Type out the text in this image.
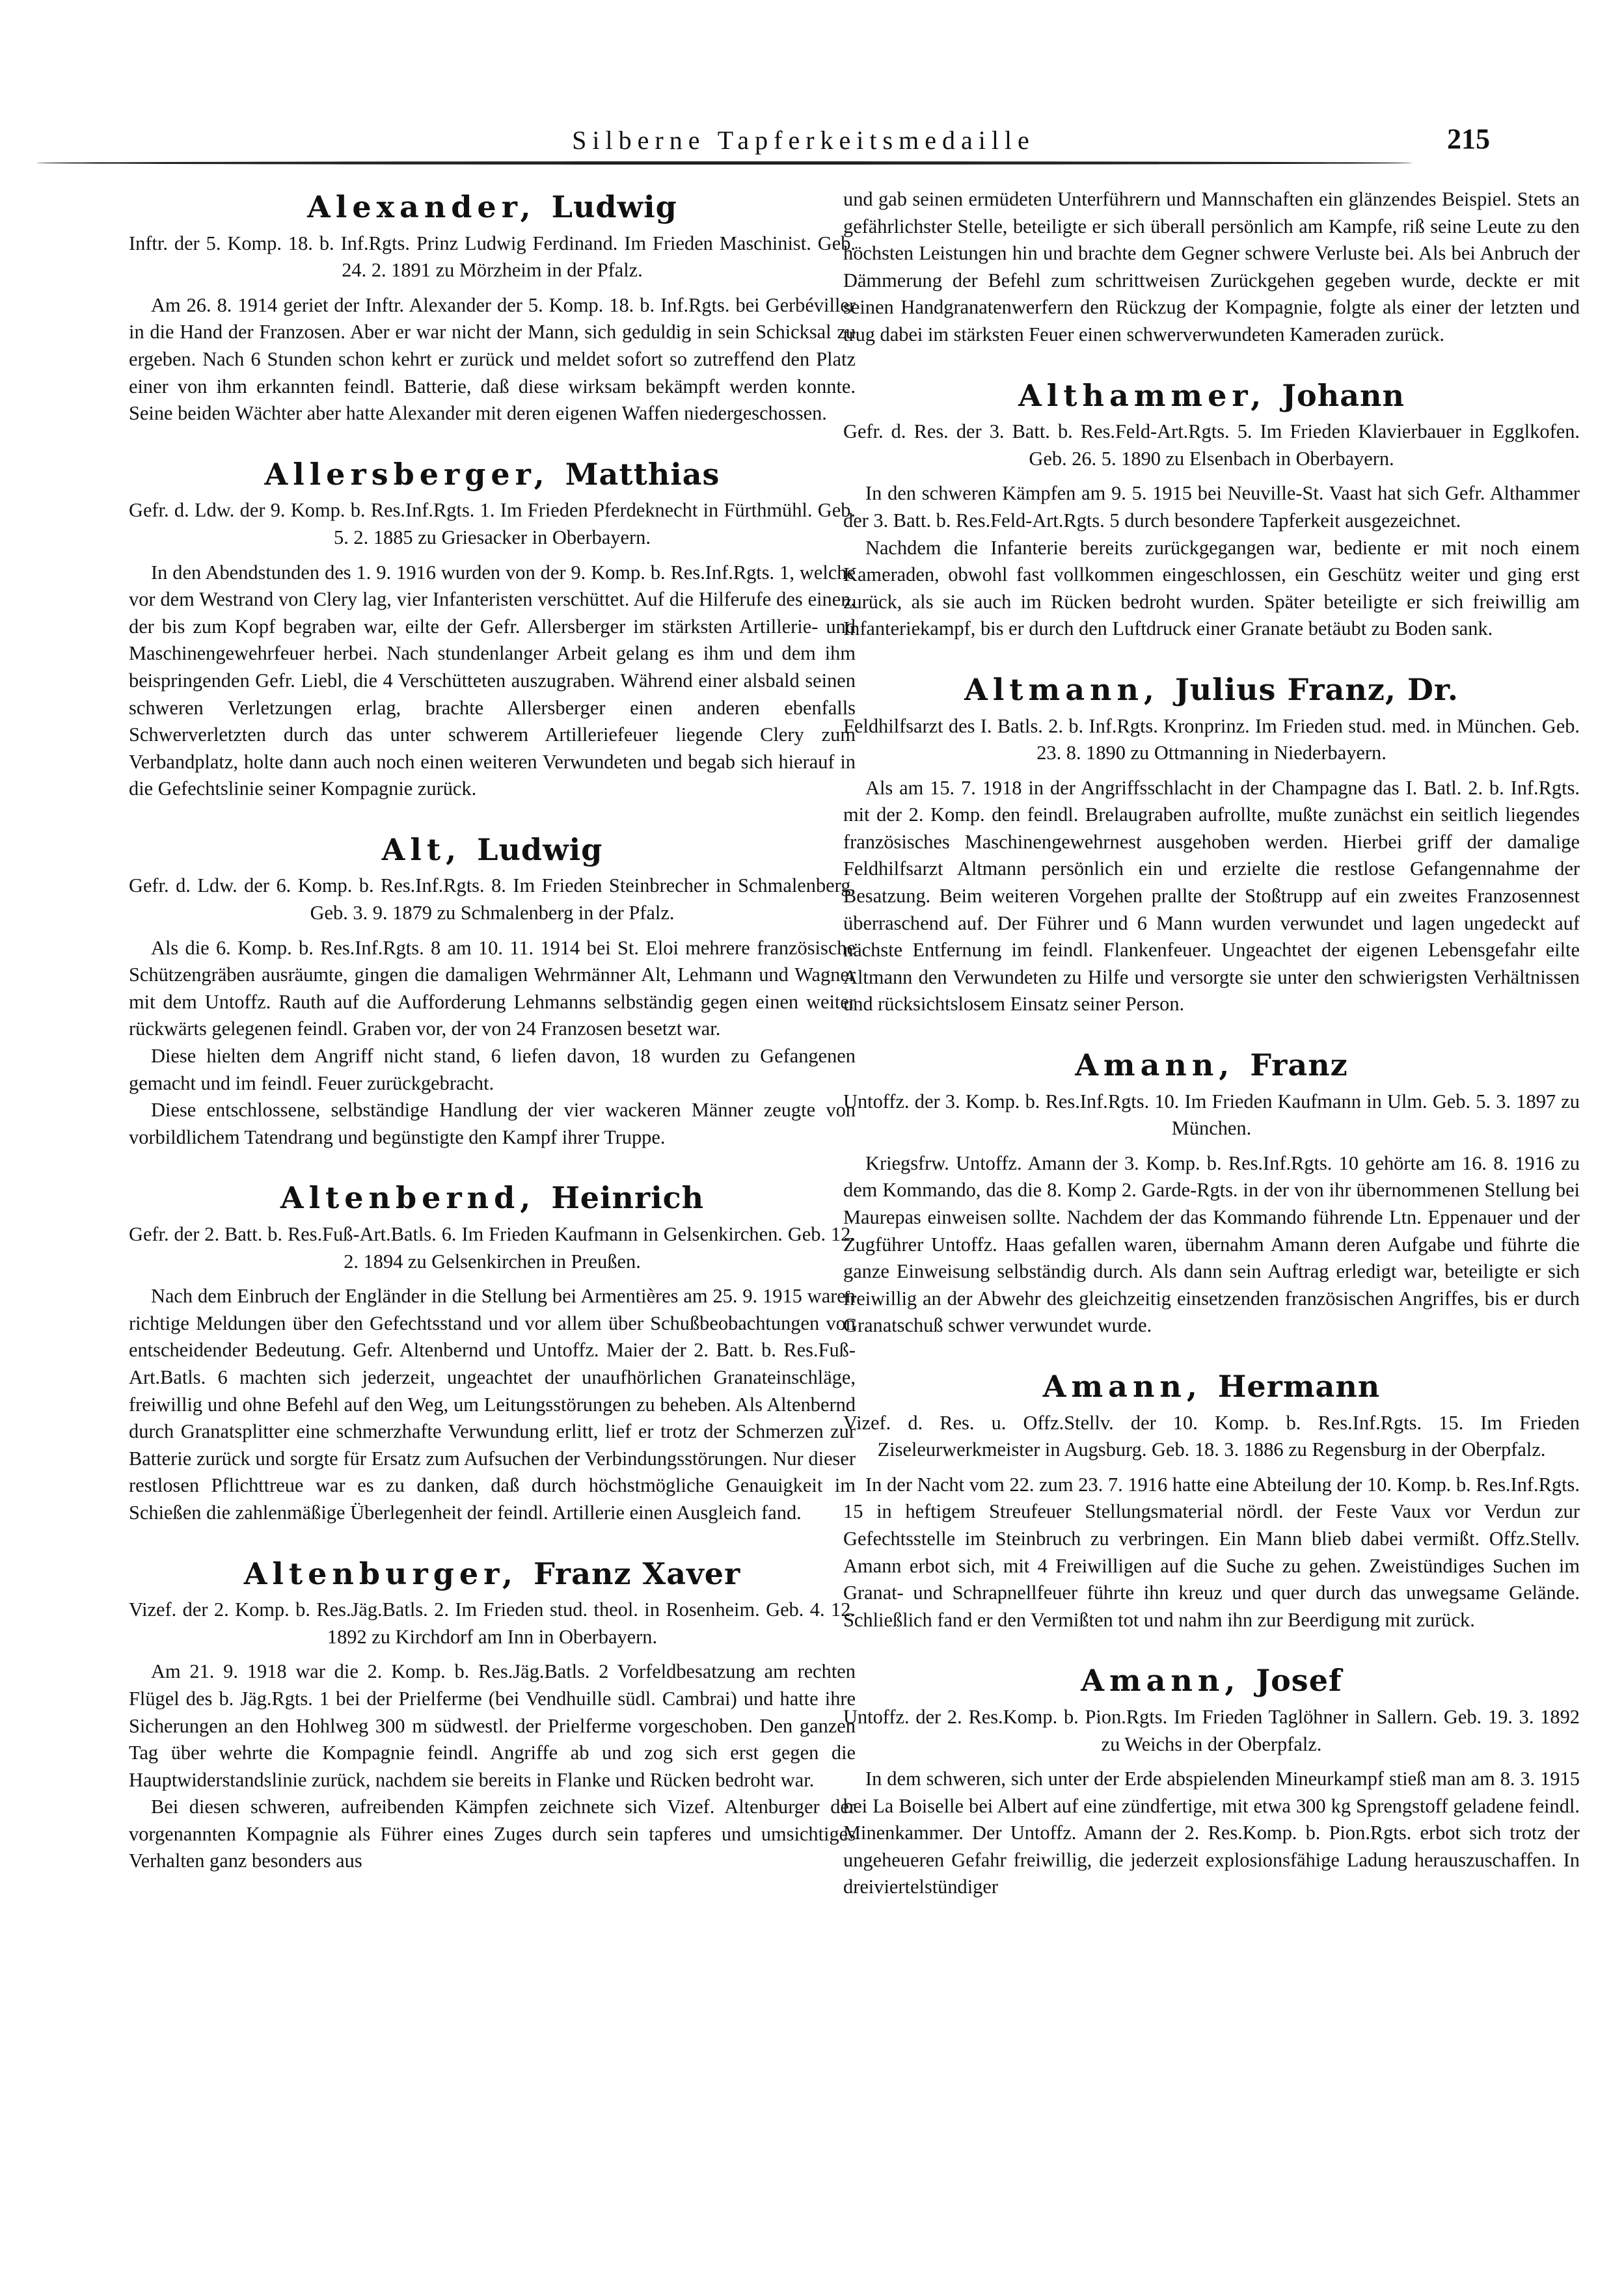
Silberne Tapferkeitsmedaille	215
Alexander, Ludwig

Inftr. der 5. Komp. 18. b. Inf.Rgts. Prinz Ludwig Ferdinand. Im Frieden Maschinist. Geb. 24. 2. 1891 zu Mörzheim in der Pfalz.

Am 26. 8. 1914 geriet der Inftr. Alexander der 5. Komp. 18. b. Inf.Rgts. bei Gerbéviller in die Hand der Franzosen. Aber er war nicht der Mann, sich geduldig in sein Schicksal zu ergeben. Nach 6 Stunden schon kehrt er zurück und meldet sofort so zutreffend den Platz einer von ihm erkannten feindl. Batterie, daß diese wirksam bekämpft werden konnte. Seine beiden Wächter aber hatte Alexander mit deren eigenen Waffen niedergeschossen.

Allersberger, Matthias

Gefr. d. Ldw. der 9. Komp. b. Res.Inf.Rgts. 1. Im Frieden Pferdeknecht in Fürthmühl. Geb. 5. 2. 1885 zu Griesacker in Oberbayern.

In den Abendstunden des 1. 9. 1916 wurden von der 9. Komp. b. Res.Inf.Rgts. 1, welche vor dem Westrand von Clery lag, vier Infanteristen verschüttet. Auf die Hilferufe des einen, der bis zum Kopf begraben war, eilte der Gefr. Allersberger im stärksten Artillerie- und Maschinengewehrfeuer herbei. Nach stundenlanger Arbeit gelang es ihm und dem ihm beispringenden Gefr. Liebl, die 4 Verschütteten auszugraben. Während einer alsbald seinen schweren Verletzungen erlag, brachte Allersberger einen anderen ebenfalls Schwerverletzten durch das unter schwerem Artilleriefeuer liegende Clery zum Verbandplatz, holte dann auch noch einen weiteren Verwundeten und begab sich hierauf in die Gefechtslinie seiner Kompagnie zurück.

Alt, Ludwig

Gefr. d. Ldw. der 6. Komp. b. Res.Inf.Rgts. 8. Im Frieden Steinbrecher in Schmalenberg. Geb. 3. 9. 1879 zu Schmalenberg in der Pfalz.

Als die 6. Komp. b. Res.Inf.Rgts. 8 am 10. 11. 1914 bei St. Eloi mehrere französische Schützengräben ausräumte, gingen die damaligen Wehrmänner Alt, Lehmann und Wagner mit dem Untoffz. Rauth auf die Aufforderung Lehmanns selbständig gegen einen weiter rückwärts gelegenen feindl. Graben vor, der von 24 Franzosen besetzt war.

Diese hielten dem Angriff nicht stand, 6 liefen davon, 18 wurden zu Gefangenen gemacht und im feindl. Feuer zurückgebracht.

Diese entschlossene, selbständige Handlung der vier wackeren Männer zeugte von vorbildlichem Tatendrang und begünstigte den Kampf ihrer Truppe.

Altenbernd, Heinrich

Gefr. der 2. Batt. b. Res.Fuß-Art.Batls. 6. Im Frieden Kaufmann in Gelsenkirchen. Geb. 12. 2. 1894 zu Gelsenkirchen in Preußen.

Nach dem Einbruch der Engländer in die Stellung bei Armentières am 25. 9. 1915 waren richtige Meldungen über den Gefechtsstand und vor allem über Schußbeobachtungen von entscheidender Bedeutung. Gefr. Altenbernd und Untoffz. Maier der 2. Batt. b. Res.Fuß-Art.Batls. 6 machten sich jederzeit, ungeachtet der unaufhörlichen Granateinschläge, freiwillig und ohne Befehl auf den Weg, um Leitungsstörungen zu beheben. Als Altenbernd durch Granatsplitter eine schmerzhafte Verwundung erlitt, lief er trotz der Schmerzen zur Batterie zurück und sorgte für Ersatz zum Aufsuchen der Verbindungsstörungen. Nur dieser restlosen Pflichttreue war es zu danken, daß durch höchstmögliche Genauigkeit im Schießen die zahlenmäßige Überlegenheit der feindl. Artillerie einen Ausgleich fand.

Altenburger, Franz Xaver

Vizef. der 2. Komp. b. Res.Jäg.Batls. 2. Im Frieden stud. theol. in Rosenheim. Geb. 4. 12. 1892 zu Kirchdorf am Inn in Oberbayern.

Am 21. 9. 1918 war die 2. Komp. b. Res.Jäg.Batls. 2 Vorfeldbesatzung am rechten Flügel des b. Jäg.Rgts. 1 bei der Prielferme (bei Vendhuille südl. Cambrai) und hatte ihre Sicherungen an den Hohlweg 300 m südwestl. der Prielferme vorgeschoben. Den ganzen Tag über wehrte die Kompagnie feindl. Angriffe ab und zog sich erst gegen die Hauptwiderstandslinie zurück, nachdem sie bereits in Flanke und Rücken bedroht war.

Bei diesen schweren, aufreibenden Kämpfen zeichnete sich Vizef. Altenburger der vorgenannten Kompagnie als Führer eines Zuges durch sein tapferes und umsichtiges Verhalten ganz besonders aus

und gab seinen ermüdeten Unterführern und Mannschaften ein glänzendes Beispiel. Stets an gefährlichster Stelle, beteiligte er sich überall persönlich am Kampfe, riß seine Leute zu den höchsten Leistungen hin und brachte dem Gegner schwere Verluste bei. Als bei Anbruch der Dämmerung der Befehl zum schrittweisen Zurückgehen gegeben wurde, deckte er mit seinen Handgranatenwerfern den Rückzug der Kompagnie, folgte als einer der letzten und trug dabei im stärksten Feuer einen schwerverwundeten Kameraden zurück.

Althammer, Johann

Gefr. d. Res. der 3. Batt. b. Res.Feld-Art.Rgts. 5. Im Frieden Klavierbauer in Egglkofen. Geb. 26. 5. 1890 zu Elsenbach in Oberbayern.

In den schweren Kämpfen am 9. 5. 1915 bei Neuville-St. Vaast hat sich Gefr. Althammer der 3. Batt. b. Res.Feld-Art.Rgts. 5 durch besondere Tapferkeit ausgezeichnet.

Nachdem die Infanterie bereits zurückgegangen war, bediente er mit noch einem Kameraden, obwohl fast vollkommen eingeschlossen, ein Geschütz weiter und ging erst zurück, als sie auch im Rücken bedroht wurden. Später beteiligte er sich freiwillig am Infanteriekampf, bis er durch den Luftdruck einer Granate betäubt zu Boden sank.

Altmann, Julius Franz, Dr.

Feldhilfsarzt des I. Batls. 2. b. Inf.Rgts. Kronprinz. Im Frieden stud. med. in München. Geb. 23. 8. 1890 zu Ottmanning in Niederbayern.

Als am 15. 7. 1918 in der Angriffsschlacht in der Champagne das I. Batl. 2. b. Inf.Rgts. mit der 2. Komp. den feindl. Brelaugraben aufrollte, mußte zunächst ein seitlich liegendes französisches Maschinengewehrnest ausgehoben werden. Hierbei griff der damalige Feldhilfsarzt Altmann persönlich ein und erzielte die restlose Gefangennahme der Besatzung. Beim weiteren Vorgehen prallte der Stoßtrupp auf ein zweites Franzosennest überraschend auf. Der Führer und 6 Mann wurden verwundet und lagen ungedeckt auf nächste Entfernung im feindl. Flankenfeuer. Ungeachtet der eigenen Lebensgefahr eilte Altmann den Verwundeten zu Hilfe und versorgte sie unter den schwierigsten Verhältnissen und rücksichtslosem Einsatz seiner Person.

Amann, Franz

Untoffz. der 3. Komp. b. Res.Inf.Rgts. 10. Im Frieden Kaufmann in Ulm. Geb. 5. 3. 1897 zu München.

Kriegsfrw. Untoffz. Amann der 3. Komp. b. Res.Inf.Rgts. 10 gehörte am 16. 8. 1916 zu dem Kommando, das die 8. Komp 2. Garde-Rgts. in der von ihr übernommenen Stellung bei Maurepas einweisen sollte. Nachdem der das Kommando führende Ltn. Eppenauer und der Zugführer Untoffz. Haas gefallen waren, übernahm Amann deren Aufgabe und führte die ganze Einweisung selbständig durch. Als dann sein Auftrag erledigt war, beteiligte er sich freiwillig an der Abwehr des gleichzeitig einsetzenden französischen Angriffes, bis er durch Granatschuß schwer verwundet wurde.

Amann, Hermann

Vizef. d. Res. u. Offz.Stellv. der 10. Komp. b. Res.Inf.Rgts. 15. Im Frieden Ziseleurwerkmeister in Augsburg. Geb. 18. 3. 1886 zu Regensburg in der Oberpfalz.

In der Nacht vom 22. zum 23. 7. 1916 hatte eine Abteilung der 10. Komp. b. Res.Inf.Rgts. 15 in heftigem Streufeuer Stellungsmaterial nördl. der Feste Vaux vor Verdun zur Gefechtsstelle im Steinbruch zu verbringen. Ein Mann blieb dabei vermißt. Offz.Stellv. Amann erbot sich, mit 4 Freiwilligen auf die Suche zu gehen. Zweistündiges Suchen im Granat- und Schrapnellfeuer führte ihn kreuz und quer durch das unwegsame Gelände. Schließlich fand er den Vermißten tot und nahm ihn zur Beerdigung mit zurück.

Amann, Josef

Untoffz. der 2. Res.Komp. b. Pion.Rgts. Im Frieden Taglöhner in Sallern. Geb. 19. 3. 1892 zu Weichs in der Oberpfalz.

In dem schweren, sich unter der Erde abspielenden Mineurkampf stieß man am 8. 3. 1915 bei La Boiselle bei Albert auf eine zündfertige, mit etwa 300 kg Sprengstoff geladene feindl. Minenkammer. Der Untoffz. Amann der 2. Res.Komp. b. Pion.Rgts. erbot sich trotz der ungeheueren Gefahr freiwillig, die jederzeit explosionsfähige Ladung herauszuschaffen. In dreiviertelstündiger
